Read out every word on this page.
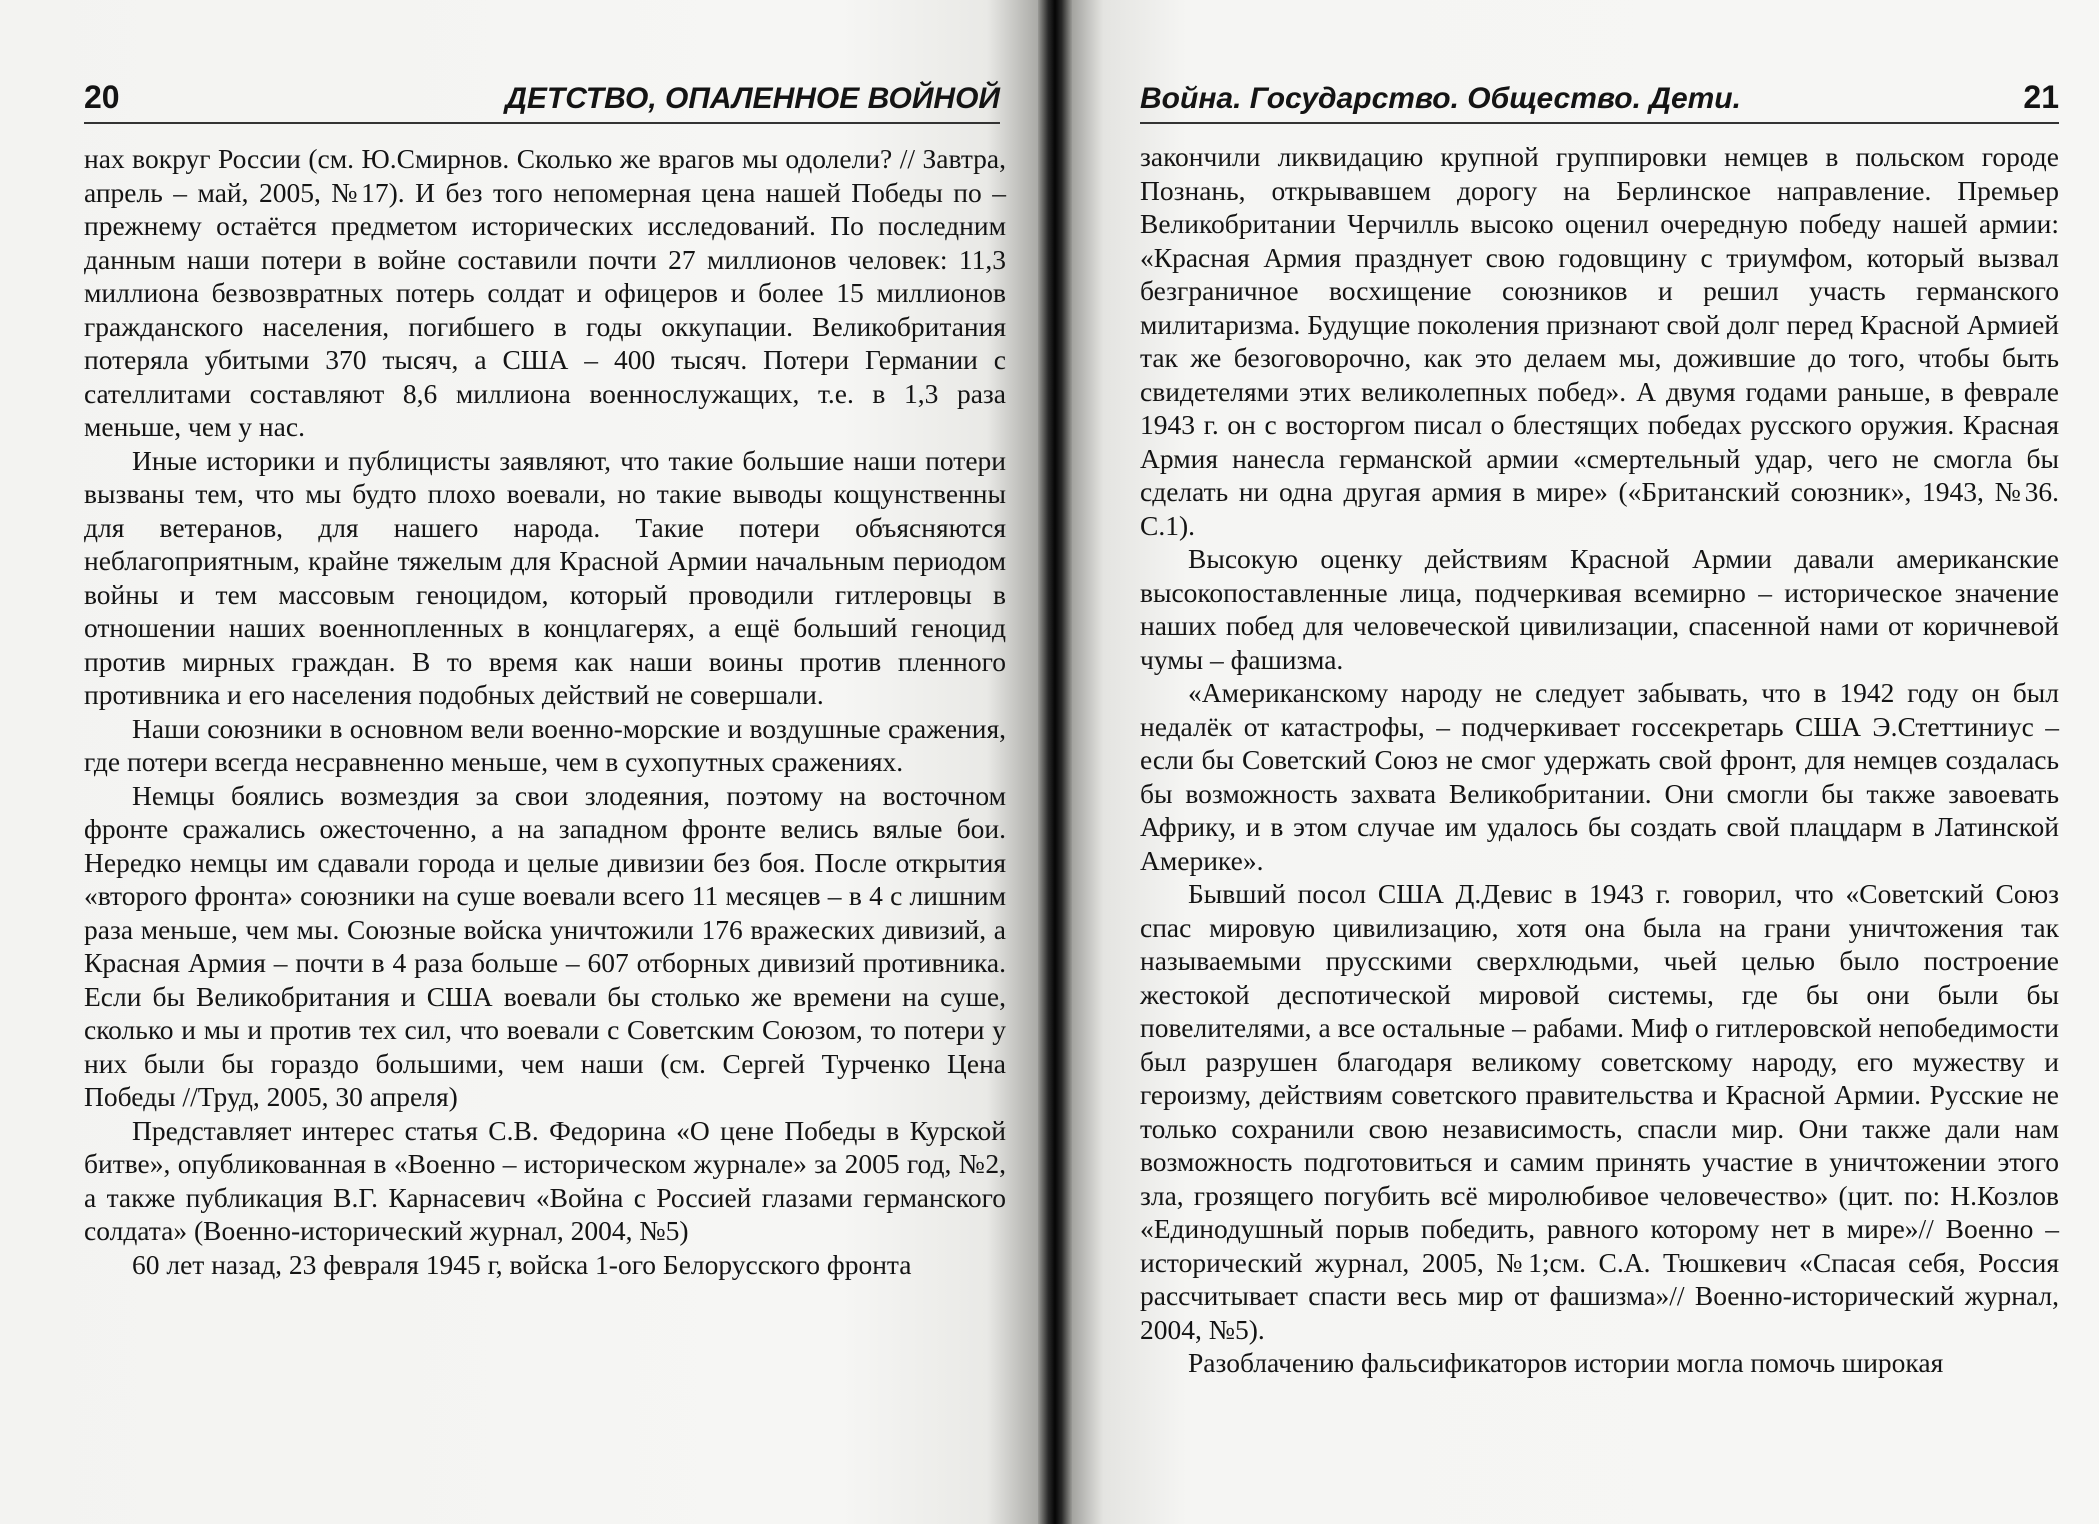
20	ДЕТСТВО, ОПАЛЕННОЕ ВОЙНОЙ

нах вокруг России (см. Ю.Смирнов. Сколько же врагов мы одолели? // Завтра, апрель – май, 2005, №17). И без того непомерная цена нашей Победы по – прежнему остаётся предметом исторических исследований. По последним данным наши потери в войне составили почти 27 миллионов человек: 11,3 миллиона безвозвратных потерь солдат и офицеров и более 15 миллионов гражданского населения, погибшего в годы оккупации. Великобритания потеряла убитыми 370 тысяч, а США – 400 тысяч. Потери Германии с сателлитами составляют 8,6 миллиона военнослужащих, т.е. в 1,3 раза меньше, чем у нас.

Иные историки и публицисты заявляют, что такие большие наши потери вызваны тем, что мы будто плохо воевали, но такие выводы кощунственны для ветеранов, для нашего народа. Такие потери объясняются неблагоприятным, крайне тяжелым для Красной Армии начальным периодом войны и тем массовым геноцидом, который проводили гитлеровцы в отношении наших военнопленных в концлагерях, а ещё больший геноцид против мирных граждан. В то время как наши воины против пленного противника и его населения подобных действий не совершали.

Наши союзники в основном вели военно-морские и воздушные сражения, где потери всегда несравненно меньше, чем в сухопутных сражениях.

Немцы боялись возмездия за свои злодеяния, поэтому на восточном фронте сражались ожесточенно, а на западном фронте велись вялые бои. Нередко немцы им сдавали города и целые дивизии без боя. После открытия «второго фронта» союзники на суше воевали всего 11 месяцев – в 4 с лишним раза меньше, чем мы. Союзные войска уничтожили 176 вражеских дивизий, а Красная Армия – почти в 4 раза больше – 607 отборных дивизий противника. Если бы Великобритания и США воевали бы столько же времени на суше, сколько и мы и против тех сил, что воевали с Советским Союзом, то потери у них были бы гораздо большими, чем наши (см. Сергей Турченко Цена Победы //Труд, 2005, 30 апреля)

Представляет интерес статья С.В. Федорина «О цене Победы в Курской битве», опубликованная в «Военно – историческом журнале» за 2005 год, №2, а также публикация В.Г. Карнасевич «Война с Россией глазами германского солдата» (Военно-исторический журнал, 2004, №5)

60 лет назад, 23 февраля 1945 г, войска 1-ого Белорусского фронта

Война. Государство. Общество. Дети.	21

закончили ликвидацию крупной группировки немцев в польском городе Познань, открывавшем дорогу на Берлинское направление. Премьер Великобритании Черчилль высоко оценил очередную победу нашей армии: «Красная Армия празднует свою годовщину с триумфом, который вызвал безграничное восхищение союзников и решил участь германского милитаризма. Будущие поколения признают свой долг перед Красной Армией так же безоговорочно, как это делаем мы, дожившие до того, чтобы быть свидетелями этих великолепных побед». А двумя годами раньше, в феврале 1943 г. он с восторгом писал о блестящих победах русского оружия. Красная Армия нанесла германской армии «смертельный удар, чего не смогла бы сделать ни одна другая армия в мире» («Британский союзник», 1943, №36. С.1).

Высокую оценку действиям Красной Армии давали американские высокопоставленные лица, подчеркивая всемирно – историческое значение наших побед для человеческой цивилизации, спасенной нами от коричневой чумы – фашизма.

«Американскому народу не следует забывать, что в 1942 году он был недалёк от катастрофы, – подчеркивает госсекретарь США Э.Стеттиниус – если бы Советский Союз не смог удержать свой фронт, для немцев создалась бы возможность захвата Великобритании. Они смогли бы также завоевать Африку, и в этом случае им удалось бы создать свой плацдарм в Латинской Америке».

Бывший посол США Д.Девис в 1943 г. говорил, что «Советский Союз спас мировую цивилизацию, хотя она была на грани уничтожения так называемыми прусскими сверхлюдьми, чьей целью было построение жестокой деспотической мировой системы, где бы они были бы повелителями, а все остальные – рабами. Миф о гитлеровской непобедимости был разрушен благодаря великому советскому народу, его мужеству и героизму, действиям советского правительства и Красной Армии. Русские не только сохранили свою независимость, спасли мир. Они также дали нам возможность подготовиться и самим принять участие в уничтожении этого зла, грозящего погубить всё миролюбивое человечество» (цит. по: Н.Козлов «Единодушный порыв победить, равного которому нет в мире»// Военно – исторический журнал, 2005, №1;см. С.А. Тюшкевич «Спасая себя, Россия рассчитывает спасти весь мир от фашизма»// Военно-исторический журнал, 2004, №5).

Разоблачению фальсификаторов истории могла помочь широкая
